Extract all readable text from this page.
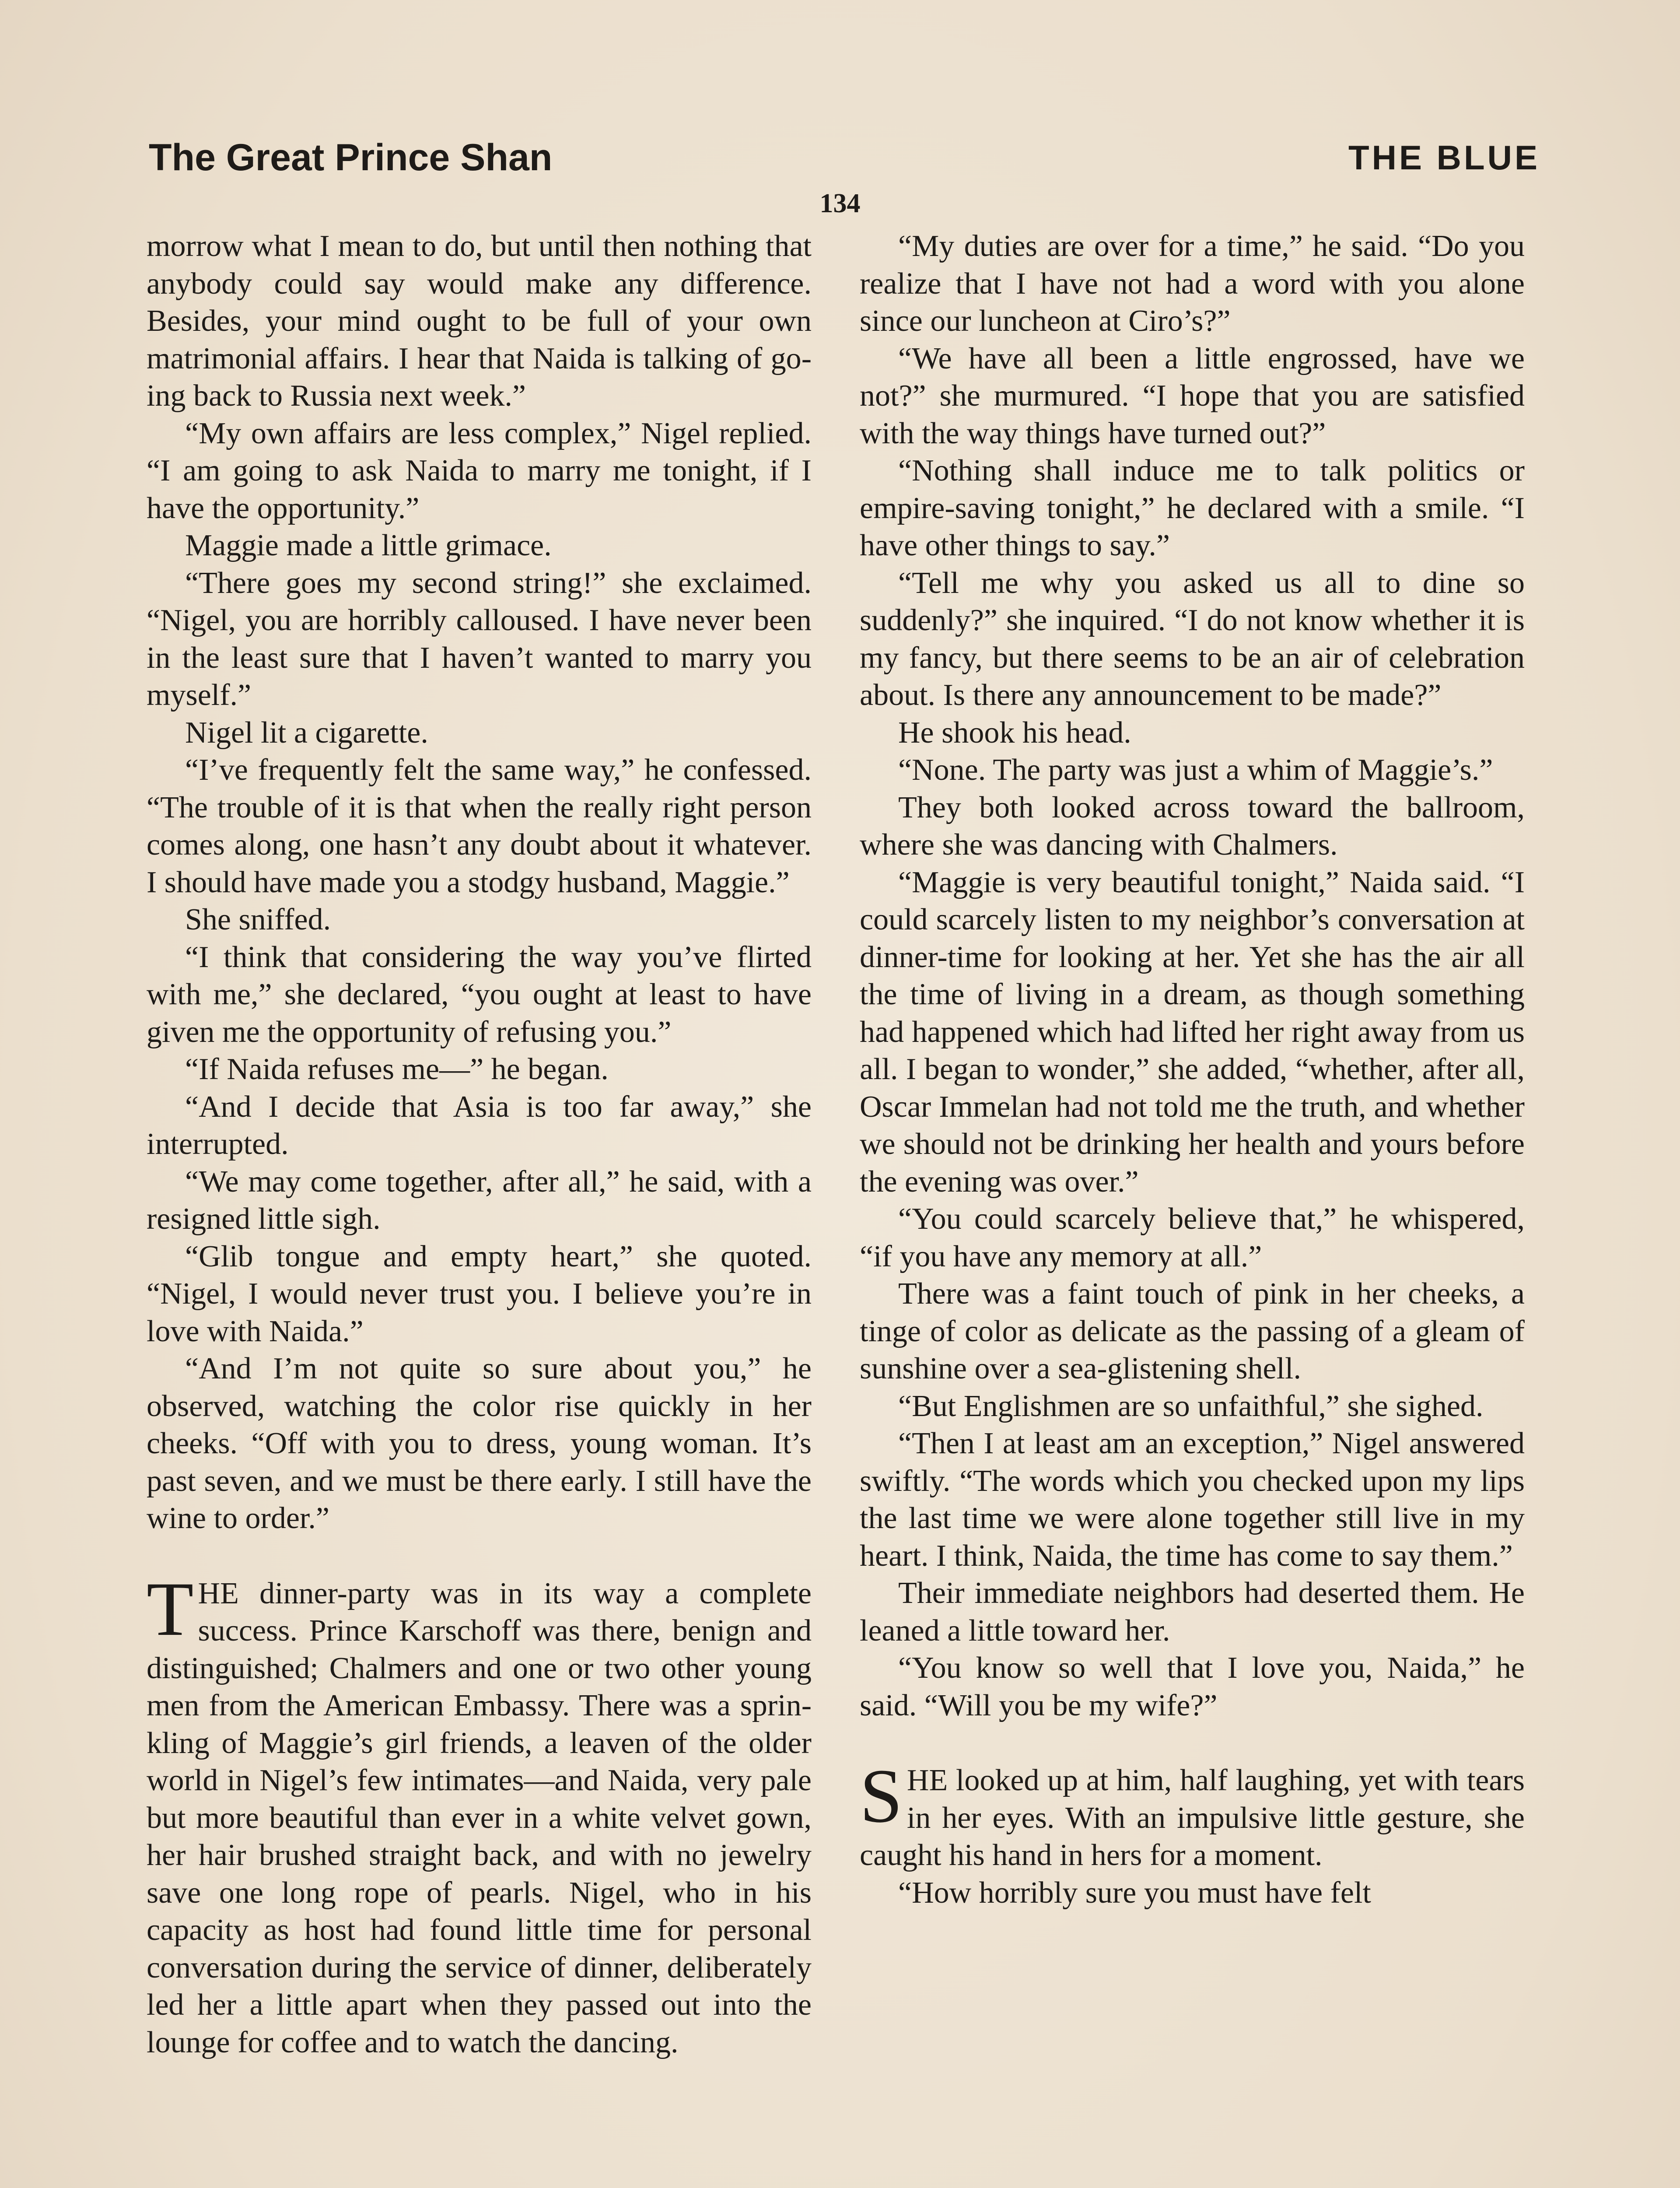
The Great Prince Shan	THE BLUE
134

morrow what I mean to do, but until then nothing that anybody could say would make any difference. Besides, your mind ought to be full of your own matrimonial affairs. I hear that Naida is talking of going back to Russia next week.”

“My own affairs are less complex,” Nigel replied. “I am going to ask Naida to marry me tonight, if I have the opportunity.”

Maggie made a little grimace.

“There goes my second string!” she exclaimed. “Nigel, you are horribly calloused. I have never been in the least sure that I haven’t wanted to marry you myself.”

Nigel lit a cigarette.

“I’ve frequently felt the same way,” he confessed. “The trouble of it is that when the really right person comes along, one hasn’t any doubt about it whatever. I should have made you a stodgy husband, Maggie.”

She sniffed.

“I think that considering the way you’ve flirted with me,” she declared, “you ought at least to have given me the opportunity of refusing you.”

“If Naida refuses me—” he began.

“And I decide that Asia is too far away,” she interrupted.

“We may come together, after all,” he said, with a resigned little sigh.

“Glib tongue and empty heart,” she quoted. “Nigel, I would never trust you. I believe you’re in love with Naida.”

“And I’m not quite so sure about you,” he observed, watching the color rise quickly in her cheeks. “Off with you to dress, young woman. It’s past seven, and we must be there early. I still have the wine to order.”

THE dinner-party was in its way a complete success. Prince Karschoff was there, benign and distinguished; Chalmers and one or two other young men from the American Embassy. There was a sprinkling of Maggie’s girl friends, a leaven of the older world in Nigel’s few intimates—and Naida, very pale but more beautiful than ever in a white velvet gown, her hair brushed straight back, and with no jewelry save one long rope of pearls. Nigel, who in his capacity as host had found little time for personal conversation during the service of dinner, deliberately led her a little apart when they passed out into the lounge for coffee and to watch the dancing.

“My duties are over for a time,” he said. “Do you realize that I have not had a word with you alone since our luncheon at Ciro’s?”

“We have all been a little engrossed, have we not?” she murmured. “I hope that you are satisfied with the way things have turned out?”

“Nothing shall induce me to talk politics or empire-saving tonight,” he declared with a smile. “I have other things to say.”

“Tell me why you asked us all to dine so suddenly?” she inquired. “I do not know whether it is my fancy, but there seems to be an air of celebration about. Is there any announcement to be made?”

He shook his head.

“None. The party was just a whim of Maggie’s.”

They both looked across toward the ballroom, where she was dancing with Chalmers.

“Maggie is very beautiful tonight,” Naida said. “I could scarcely listen to my neighbor’s conversation at dinner-time for looking at her. Yet she has the air all the time of living in a dream, as though something had happened which had lifted her right away from us all. I began to wonder,” she added, “whether, after all, Oscar Immelan had not told me the truth, and whether we should not be drinking her health and yours before the evening was over.”

“You could scarcely believe that,” he whispered, “if you have any memory at all.”

There was a faint touch of pink in her cheeks, a tinge of color as delicate as the passing of a gleam of sunshine over a sea-glistening shell.

“But Englishmen are so unfaithful,” she sighed.

“Then I at least am an exception,” Nigel answered swiftly. “The words which you checked upon my lips the last time we were alone together still live in my heart. I think, Naida, the time has come to say them.”

Their immediate neighbors had deserted them. He leaned a little toward her.

“You know so well that I love you, Naida,” he said. “Will you be my wife?”

SHE looked up at him, half laughing, yet with tears in her eyes. With an impulsive little gesture, she caught his hand in hers for a moment.

“How horribly sure you must have felt
